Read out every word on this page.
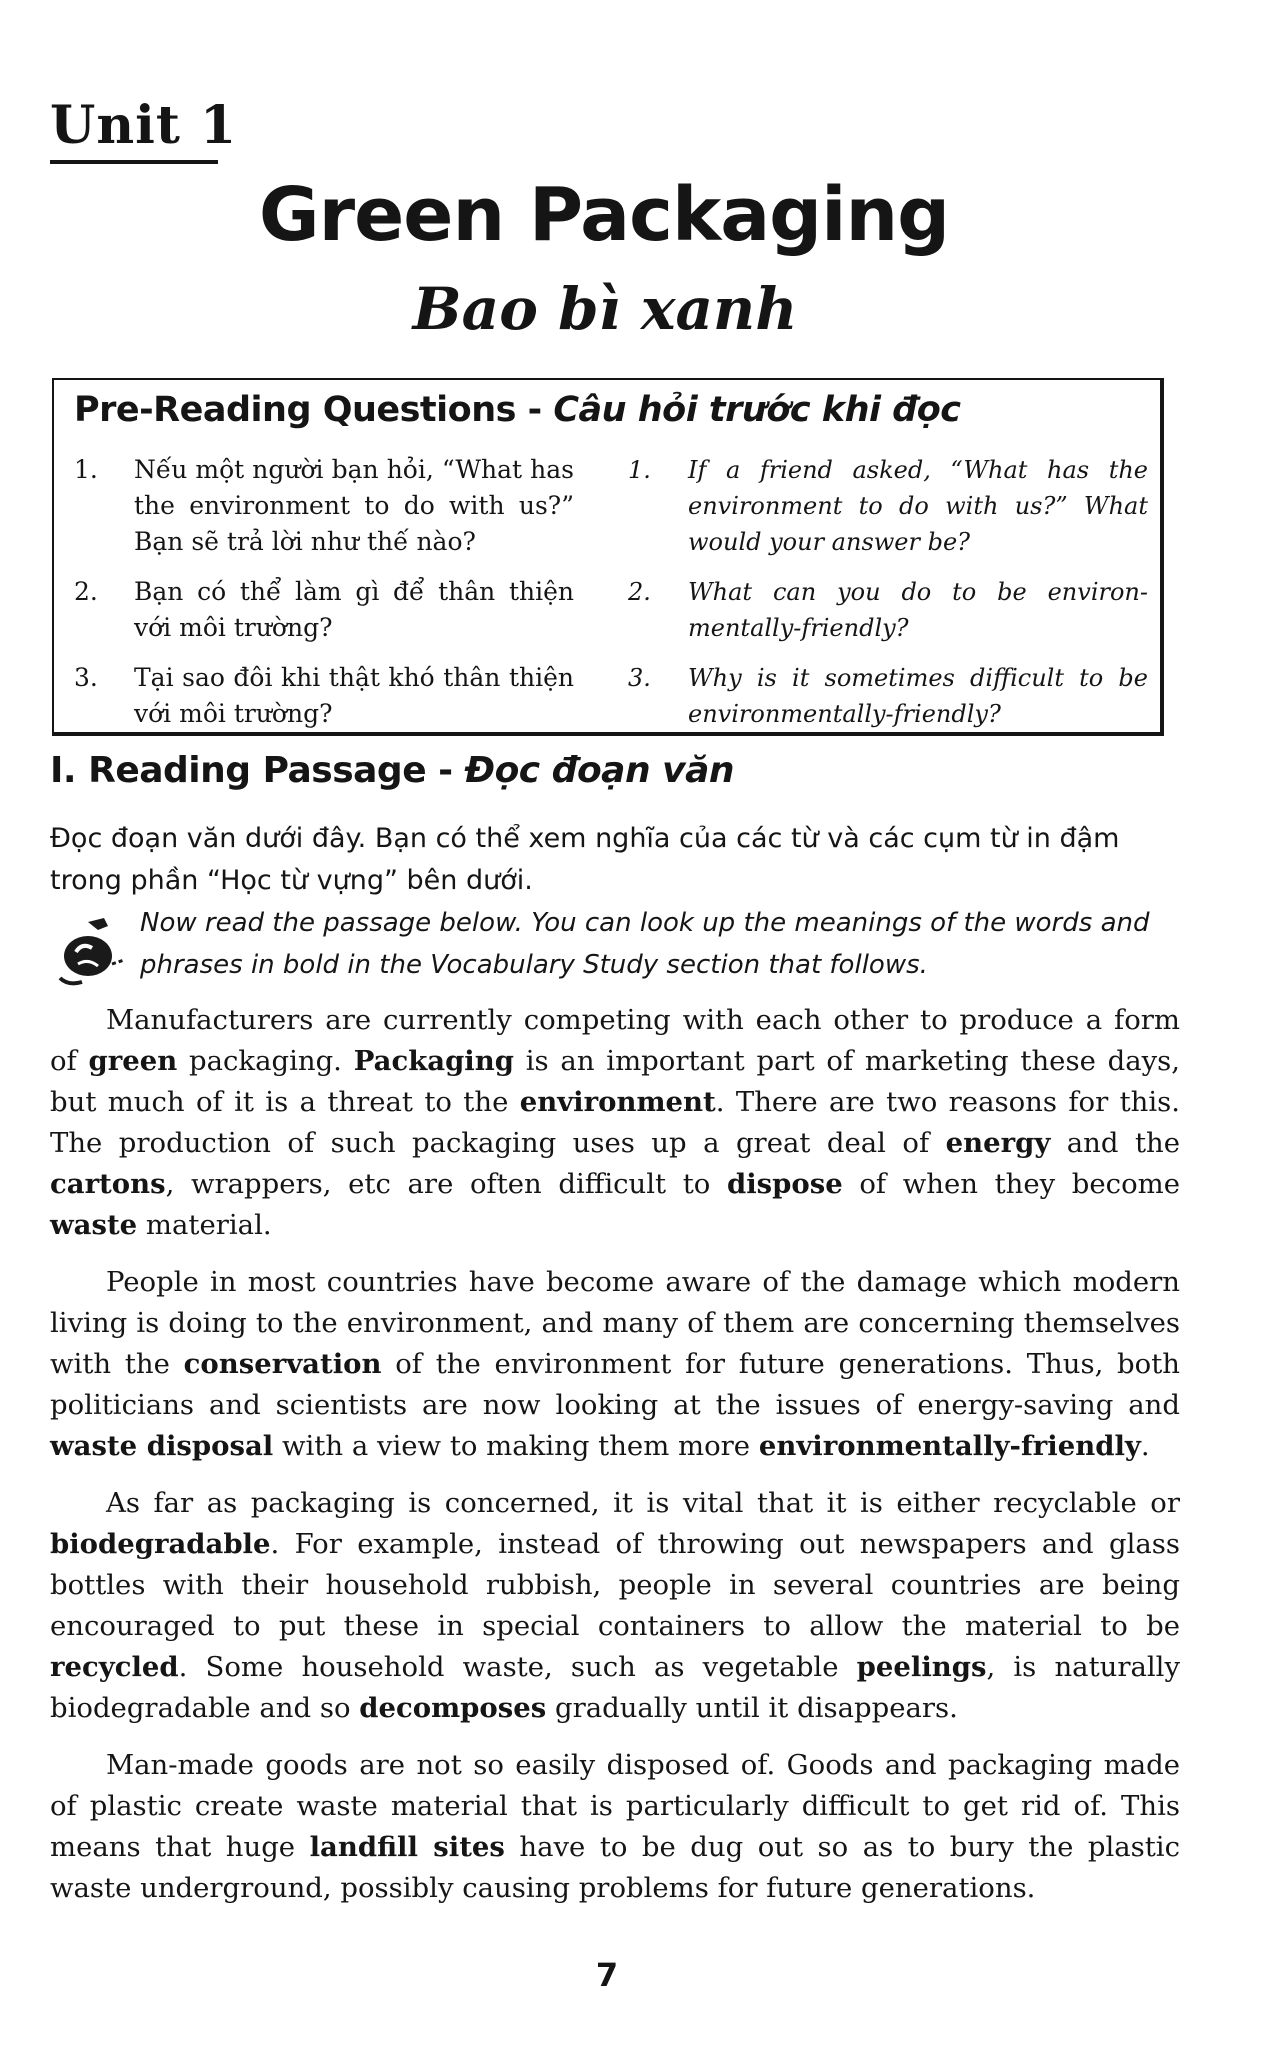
Unit 1
Green Packaging
Bao bì xanh
Pre-Reading Questions - Câu hỏi trước khi đọc
1. Nếu một người bạn hỏi, “What has the environment to do with us?” Bạn sẽ trả lời như thế nào?
2. Bạn có thể làm gì để thân thiện với môi trường?
3. Tại sao đôi khi thật khó thân thiện với môi trường?
1. If a friend asked, “What has the environment to do with us?” What would your answer be?
2. What can you do to be environ-mentally-friendly?
3. Why is it sometimes difficult to be environmentally-friendly?
I. Reading Passage - Đọc đoạn văn
Đọc đoạn văn dưới đây. Bạn có thể xem nghĩa của các từ và các cụm từ in đậm trong phần “Học từ vựng” bên dưới.
Now read the passage below. You can look up the meanings of the words and phrases in bold in the Vocabulary Study section that follows.

Manufacturers are currently competing with each other to produce a form of green packaging. Packaging is an important part of marketing these days, but much of it is a threat to the environment. There are two reasons for this. The production of such packaging uses up a great deal of energy and the cartons, wrappers, etc are often difficult to dispose of when they become waste material.

People in most countries have become aware of the damage which modern living is doing to the environment, and many of them are concerning themselves with the conservation of the environment for future generations. Thus, both politicians and scientists are now looking at the issues of energy-saving and waste disposal with a view to making them more environmentally-friendly.

As far as packaging is concerned, it is vital that it is either recyclable or biodegradable. For example, instead of throwing out newspapers and glass bottles with their household rubbish, people in several countries are being encouraged to put these in special containers to allow the material to be recycled. Some household waste, such as vegetable peelings, is naturally biodegradable and so decomposes gradually until it disappears.

Man-made goods are not so easily disposed of. Goods and packaging made of plastic create waste material that is particularly difficult to get rid of. This means that huge landfill sites have to be dug out so as to bury the plastic waste underground, possibly causing problems for future generations.

7
